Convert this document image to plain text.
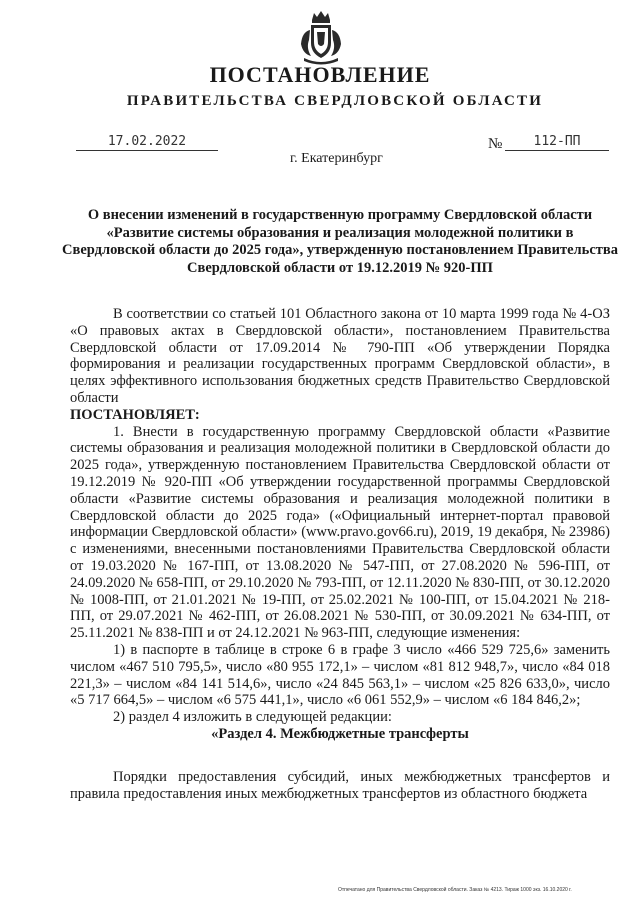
ПОСТАНОВЛЕНИЕ
ПРАВИТЕЛЬСТВА СВЕРДЛОВСКОЙ ОБЛАСТИ
17.02.2022	№	112-ПП
г. Екатеринбург
О внесении изменений в государственную программу Свердловской области «Развитие системы образования и реализация молодежной политики в Свердловской области до 2025 года», утвержденную постановлением Правительства Свердловской области от 19.12.2019 № 920-ПП

В соответствии со статьей 101 Областного закона от 10 марта 1999 года № 4-ОЗ «О правовых актах в Свердловской области», постановлением Правительства Свердловской области от 17.09.2014 № 790-ПП «Об утверждении Порядка формирования и реализации государственных программ Свердловской области», в целях эффективного использования бюджетных средств Правительство Свердловской области

ПОСТАНОВЛЯЕТ:

1. Внести в государственную программу Свердловской области «Развитие системы образования и реализация молодежной политики в Свердловской области до 2025 года», утвержденную постановлением Правительства Свердловской области от 19.12.2019 № 920-ПП «Об утверждении государственной программы Свердловской области «Развитие системы образования и реализация молодежной политики в Свердловской области до 2025 года» («Официальный интернет-портал правовой информации Свердловской области» (www.pravo.gov66.ru), 2019, 19 декабря, № 23986) с изменениями, внесенными постановлениями Правительства Свердловской области от 19.03.2020 № 167-ПП, от 13.08.2020 № 547-ПП, от 27.08.2020 № 596-ПП, от 24.09.2020 № 658-ПП, от 29.10.2020 № 793-ПП, от 12.11.2020 № 830-ПП, от 30.12.2020 № 1008-ПП, от 21.01.2021 № 19-ПП, от 25.02.2021 № 100-ПП, от 15.04.2021 № 218-ПП, от 29.07.2021 № 462-ПП, от 26.08.2021 № 530-ПП, от 30.09.2021 № 634-ПП, от 25.11.2021 № 838-ПП и от 24.12.2021 № 963-ПП, следующие изменения:

1) в паспорте в таблице в строке 6 в графе 3 число «466 529 725,6» заменить числом «467 510 795,5», число «80 955 172,1» – числом «81 812 948,7», число «84 018 221,3» – числом «84 141 514,6», число «24 845 563,1» – числом «25 826 633,0», число «5 717 664,5» – числом «6 575 441,1», число «6 061 552,9» – числом «6 184 846,2»;

2) раздел 4 изложить в следующей редакции:

«Раздел 4. Межбюджетные трансферты

Порядки предоставления субсидий, иных межбюджетных трансфертов и правила предоставления иных межбюджетных трансфертов из областного бюджета

Отпечатано для Правительства Свердловской области. Заказ № 4213. Тираж 1000 экз. 16.10.2020 г.
